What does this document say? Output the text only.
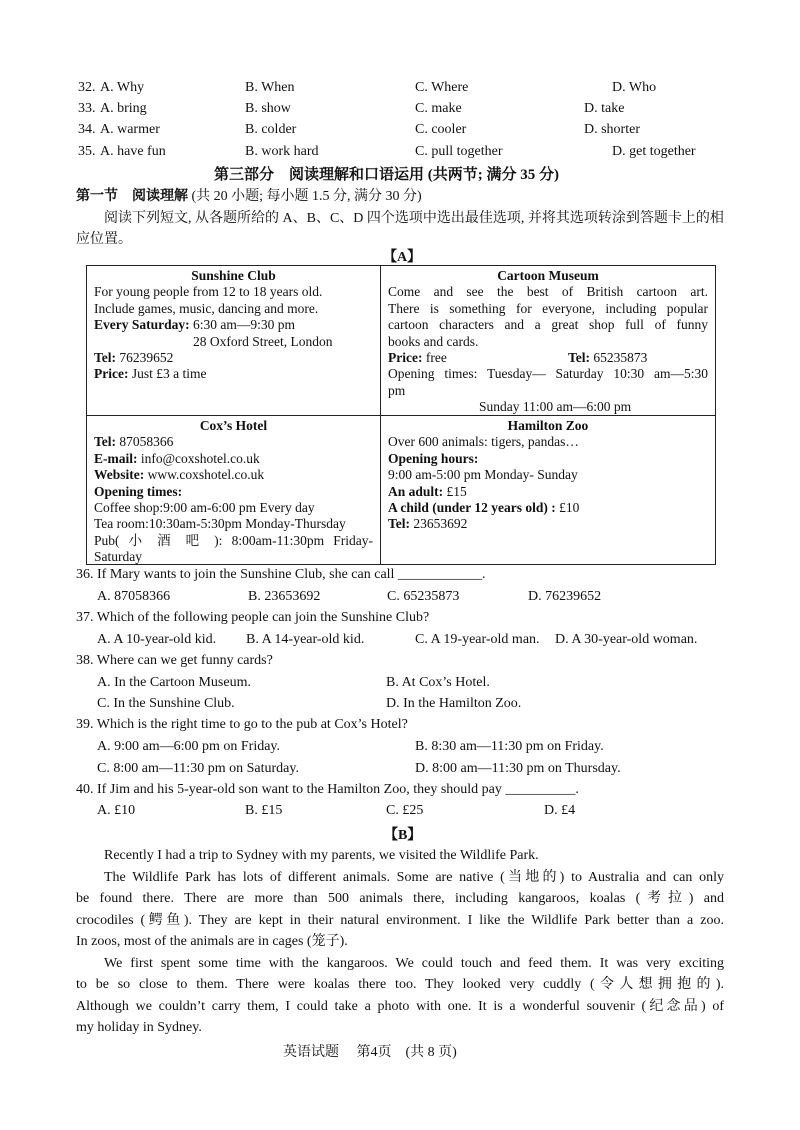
32. A. Why	B. When	C. Where	D. Who
33. A. bring	B. show	C. make	D. take
34. A. warmer	B. colder	C. cooler	D. shorter
35. A. have fun	B. work hard	C. pull together	D. get together
第三部分　阅读理解和口语运用 (共两节; 满分 35 分)
第一节　阅读理解 (共 20 小题; 每小题 1.5 分, 满分 30 分)
阅读下列短文, 从各题所给的 A、B、C、D 四个选项中选出最佳选项, 并将其选项转涂到答题卡上的相
应位置。
【A】
Sunshine Club
For young people from 12 to 18 years old.
Include games, music, dancing and more.
Every Saturday: 6:30 am—9:30 pm
28 Oxford Street, London
Tel: 76239652
Price: Just £3 a time
Cartoon Museum
Come and see the best of British cartoon art.
There is something for everyone, including popular
cartoon characters and a great shop full of funny
books and cards.
Price: free	Tel: 65235873
Opening times: Tuesday— Saturday 10:30 am—5:30
pm
Sunday 11:00 am—6:00 pm
Cox’s Hotel
Tel: 87058366
E-mail: info@coxshotel.co.uk
Website: www.coxshotel.co.uk
Opening times:
Coffee shop:9:00 am-6:00 pm Every day
Tea room:10:30am-5:30pm Monday-Thursday
Pub( 小 酒 吧 ): 8:00am-11:30pm Friday-
Saturday
Hamilton Zoo
Over 600 animals: tigers, pandas…
Opening hours:
9:00 am-5:00 pm Monday- Sunday
An adult: £15
A child (under 12 years old) : £10
Tel: 23653692
36. If Mary wants to join the Sunshine Club, she can call ____________.
A. 87058366	B. 23653692	C. 65235873	D. 76239652
37. Which of the following people can join the Sunshine Club?
A. A 10-year-old kid. B. A 14-year-old kid.	C. A 19-year-old man. D. A 30-year-old woman.
38. Where can we get funny cards?
A. In the Cartoon Museum.	B. At Cox’s Hotel.
C. In the Sunshine Club.	D. In the Hamilton Zoo.
39. Which is the right time to go to the pub at Cox’s Hotel?
A. 9:00 am—6:00 pm on Friday.	B. 8:30 am—11:30 pm on Friday.
C. 8:00 am—11:30 pm on Saturday.	D. 8:00 am—11:30 pm on Thursday.
40. If Jim and his 5-year-old son want to the Hamilton Zoo, they should pay __________.
A. £10	B. £15	C. £25	D. £4
【B】
Recently I had a trip to Sydney with my parents, we visited the Wildlife Park.
The Wildlife Park has lots of different animals. Some are native (当地的) to Australia and can only
be found there. There are more than 500 animals there, including kangaroos, koalas (考拉) and
crocodiles (鳄鱼). They are kept in their natural environment. I like the Wildlife Park better than a zoo.
In zoos, most of the animals are in cages (笼子).
We first spent some time with the kangaroos. We could touch and feed them. It was very exciting
to be so close to them. There were koalas there too. They looked very cuddly (令人想拥抱的).
Although we couldn’t carry them, I could take a photo with one. It is a wonderful souvenir (纪念品) of
my holiday in Sydney.
英语试题　 第4页　(共 8 页)
